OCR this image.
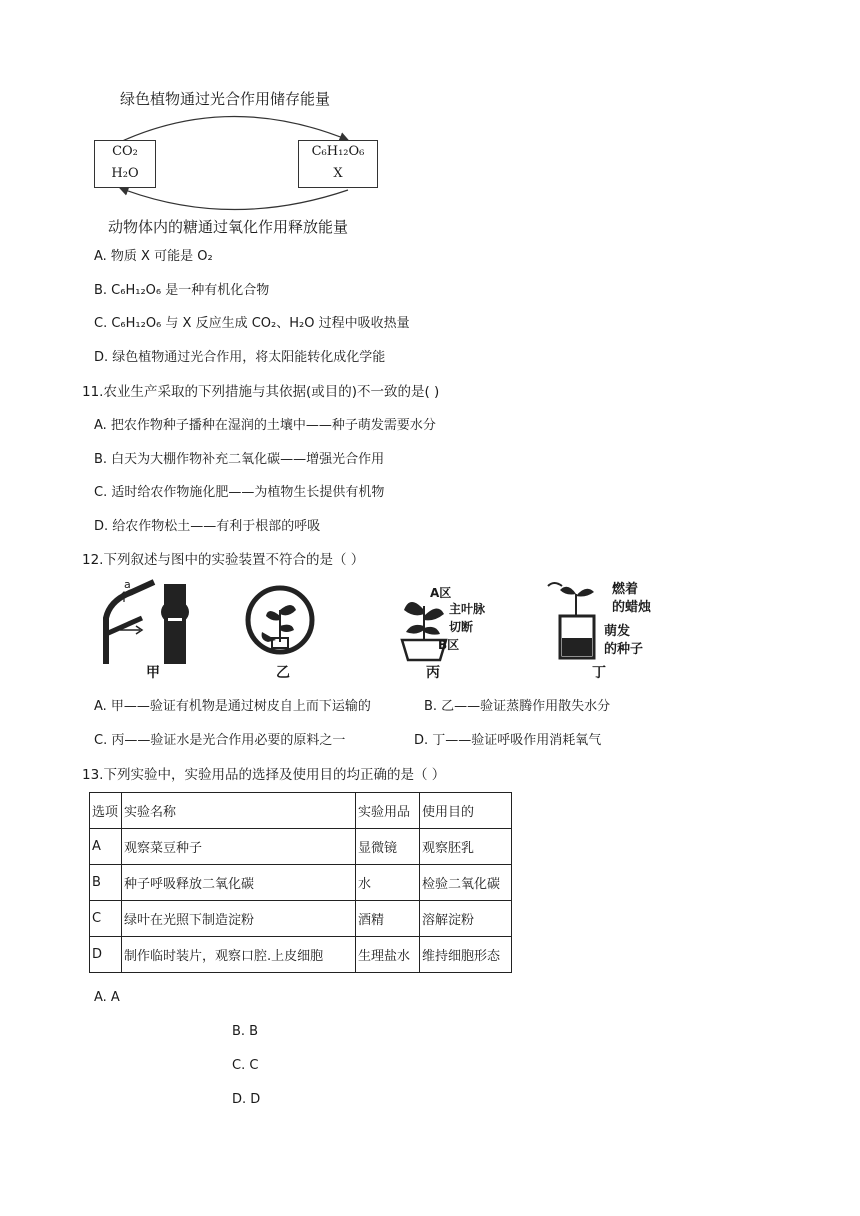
绿色植物通过光合作用储存能量
CO₂
H₂O
C₆H₁₂O₆
X
动物体内的糖通过氧化作用释放能量
A. 物质 X 可能是 O₂
B. C₆H₁₂O₆ 是一种有机化合物
C. C₆H₁₂O₆ 与 X 反应生成 CO₂、H₂O 过程中吸收热量
D. 绿色植物通过光合作用，将太阳能转化成化学能
11.农业生产采取的下列措施与其依据(或目的)不一致的是( )
A. 把农作物种子播种在湿润的土壤中——种子萌发需要水分
B. 白天为大棚作物补充二氧化碳——增强光合作用
C. 适时给农作物施化肥——为植物生长提供有机物
D. 给农作物松土——有利于根部的呼吸
12.下列叙述与图中的实验装置不符合的是（ ）
a
甲	乙
A区
主叶脉
切断
B区
丙
燃着
的蜡烛
萌发
的种子
丁
A. 甲——验证有机物是通过树皮自上而下运输的	B. 乙——验证蒸腾作用散失水分
C. 丙——验证水是光合作用必要的原料之一	D. 丁——验证呼吸作用消耗氧气
13.下列实验中，实验用品的选择及使用目的均正确的是（ ）
选项	实验名称	实验用品	使用目的
A	观察菜豆种子	显微镜	观察胚乳
B	种子呼吸释放二氧化碳	水	检验二氧化碳
C	绿叶在光照下制造淀粉	酒精	溶解淀粉
D	制作临时装片，观察口腔.上皮细胞	生理盐水	维持细胞形态
A. A
B. B
C. C
D. D
